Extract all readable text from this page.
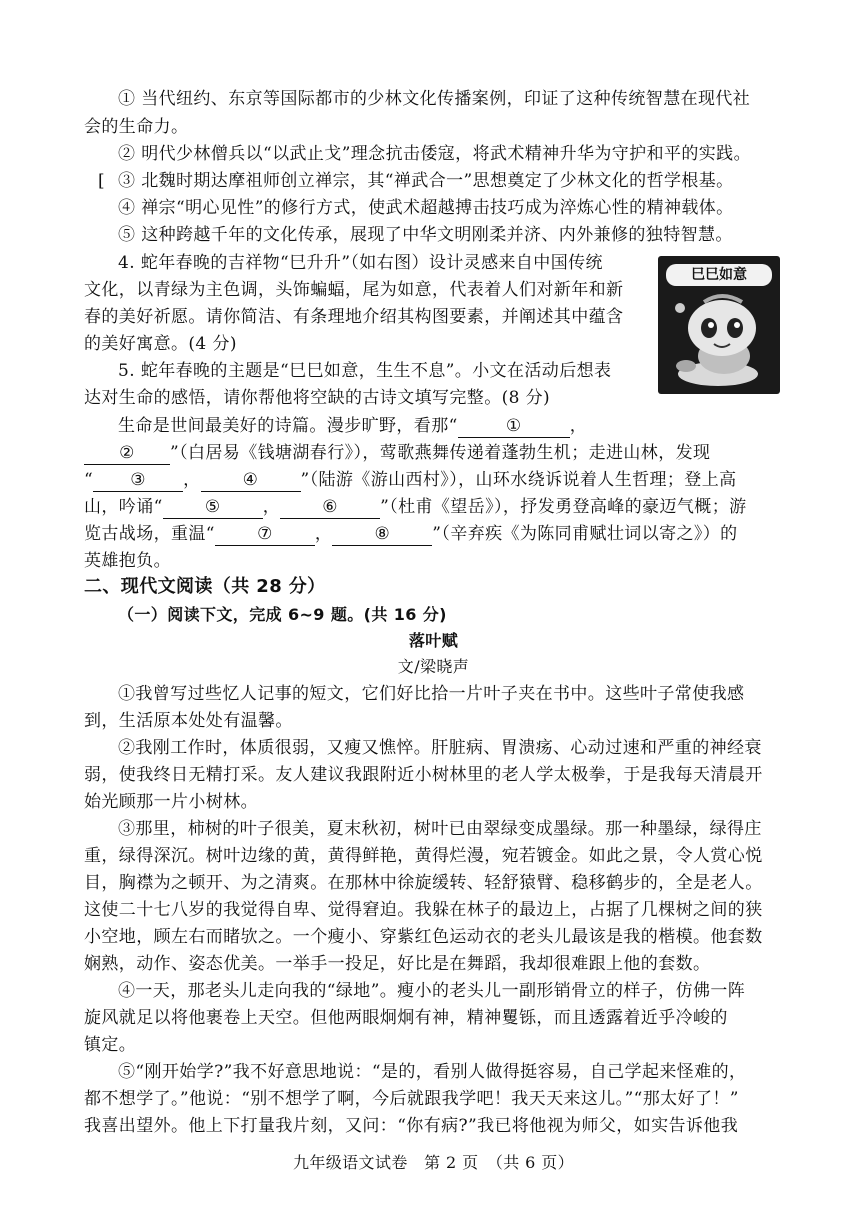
① 当代纽约、东京等国际都市的少林文化传播案例，印证了这种传统智慧在现代社
会的生命力。
② 明代少林僧兵以“以武止戈”理念抗击倭寇，将武术精神升华为守护和平的实践。
[ ③ 北魏时期达摩祖师创立禅宗，其“禅武合一”思想奠定了少林文化的哲学根基。
④ 禅宗“明心见性”的修行方式，使武术超越搏击技巧成为淬炼心性的精神载体。
⑤ 这种跨越千年的文化传承，展现了中华文明刚柔并济、内外兼修的独特智慧。
4. 蛇年春晚的吉祥物“巳升升”（如右图）设计灵感来自中国传统
文化，以青绿为主色调，头饰蝙蝠，尾为如意，代表着人们对新年和新
春的美好祈愿。请你简洁、有条理地介绍其构图要素，并阐述其中蕴含
的美好寓意。(4 分)
巳巳如意
5. 蛇年春晚的主题是“巳巳如意，生生不息”。小文在活动后想表
达对生命的感悟，请你帮他将空缺的古诗文填写完整。(8 分)
生命是世间最美好的诗篇。漫步旷野，看那“	①	，
② ”（白居易《钱塘湖春行》），莺歌燕舞传递着蓬勃生机；走进山林，发现
“ ③ ， ④ ”（陆游《游山西村》），山环水绕诉说着人生哲理；登上高
山，吟诵“ ⑤ ， ⑥ ”（杜甫《望岳》），抒发勇登高峰的豪迈气概；游
览古战场，重温“ ⑦ ， ⑧ ”（辛弃疾《为陈同甫赋壮词以寄之》）的
英雄抱负。
二、现代文阅读（共 28 分）
（一）阅读下文，完成 6~9 题。(共 16 分)
落叶赋
文/梁晓声
①我曾写过些忆人记事的短文，它们好比拾一片叶子夹在书中。这些叶子常使我感
到，生活原本处处有温馨。
②我刚工作时，体质很弱，又瘦又憔悴。肝脏病、胃溃疡、心动过速和严重的神经衰
弱，使我终日无精打采。友人建议我跟附近小树林里的老人学太极拳，于是我每天清晨开
始光顾那一片小树林。
③那里，柿树的叶子很美，夏末秋初，树叶已由翠绿变成墨绿。那一种墨绿，绿得庄
重，绿得深沉。树叶边缘的黄，黄得鲜艳，黄得烂漫，宛若镀金。如此之景，令人赏心悦
目，胸襟为之顿开、为之清爽。在那林中徐旋缓转、轻舒猿臂、稳移鹤步的，全是老人。
这使二十七八岁的我觉得自卑、觉得窘迫。我躲在林子的最边上，占据了几棵树之间的狭
小空地，顾左右而睹欤之。一个瘦小、穿紫红色运动衣的老头儿最该是我的楷模。他套数
娴熟，动作、姿态优美。一举手一投足，好比是在舞蹈，我却很难跟上他的套数。
④一天，那老头儿走向我的“绿地”。瘦小的老头儿一副形销骨立的样子，仿佛一阵
旋风就足以将他裹卷上天空。但他两眼炯炯有神，精神矍铄，而且透露着近乎冷峻的
镇定。
⑤“刚开始学?”我不好意思地说：“是的，看别人做得挺容易，自己学起来怪难的，
都不想学了。”他说：“别不想学了啊，今后就跟我学吧！我天天来这儿。”“那太好了！”
我喜出望外。他上下打量我片刻，又问：“你有病?”我已将他视为师父，如实告诉他我
九年级语文试卷　第 2 页　（共 6 页）
